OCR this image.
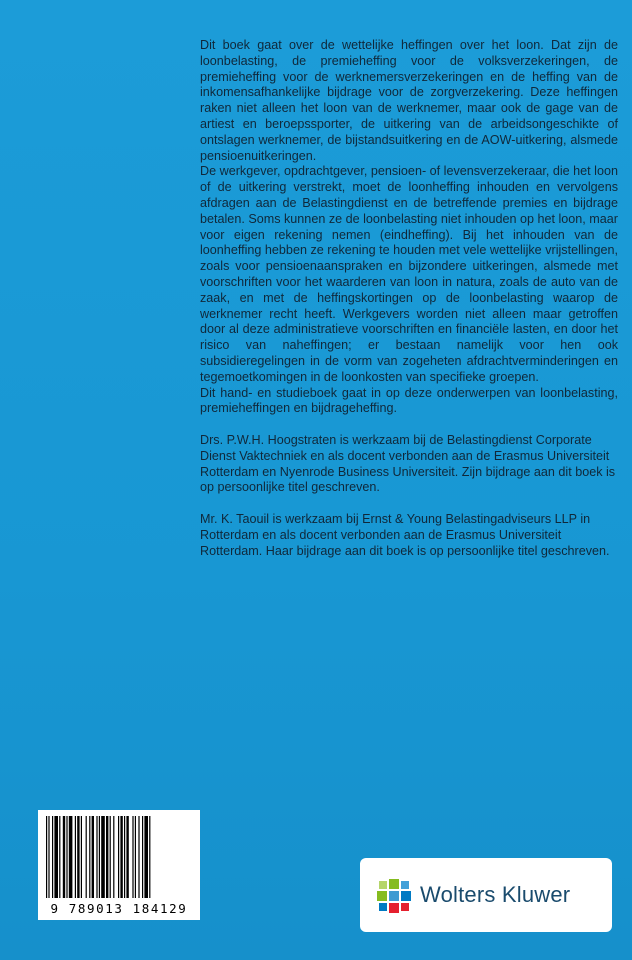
Dit boek gaat over de wettelijke heffingen over het loon. Dat zijn de loonbelasting, de premieheffing voor de volksverzekeringen, de premieheffing voor de werknemersverzekeringen en de heffing van de inkomensafhankelijke bijdrage voor de zorgverzekering. Deze heffingen raken niet alleen het loon van de werknemer, maar ook de gage van de artiest en beroepssporter, de uitkering van de arbeidsongeschikte of ontslagen werknemer, de bijstandsuitkering en de AOW-uitkering, alsmede pensioenuitkeringen.

De werkgever, opdrachtgever, pensioen- of levensverzekeraar, die het loon of de uitkering verstrekt, moet de loonheffing inhouden en vervolgens afdragen aan de Belastingdienst en de betreffende premies en bijdrage betalen. Soms kunnen ze de loonbelasting niet inhouden op het loon, maar voor eigen rekening nemen (eindheffing). Bij het inhouden van de loonheffing hebben ze rekening te houden met vele wettelijke vrijstellingen, zoals voor pensioenaanspraken en bijzondere uitkeringen, alsmede met voorschriften voor het waarderen van loon in natura, zoals de auto van de zaak, en met de heffingskortingen op de loonbelasting waarop de werknemer recht heeft. Werkgevers worden niet alleen maar getroffen door al deze administratieve voorschriften en financiële lasten, en door het risico van naheffingen; er bestaan namelijk voor hen ook subsidieregelingen in de vorm van zogeheten afdrachtverminderingen en tegemoetkomingen in de loonkosten van specifieke groepen.

Dit hand- en studieboek gaat in op deze onderwerpen van loonbelasting, premieheffingen en bijdrageheffing.

Drs. P.W.H. Hoogstraten is werkzaam bij de Belastingdienst Corporate Dienst Vaktechniek en als docent verbonden aan de Erasmus Universiteit Rotterdam en Nyenrode Business Universiteit. Zijn bijdrage aan dit boek is op persoonlijke titel geschreven.

Mr. K. Taouil is werkzaam bij Ernst & Young Belastingadviseurs LLP in Rotterdam en als docent verbonden aan de Erasmus Universiteit Rotterdam. Haar bijdrage aan dit boek is op persoonlijke titel geschreven.

9 789013 184129
Wolters Kluwer
